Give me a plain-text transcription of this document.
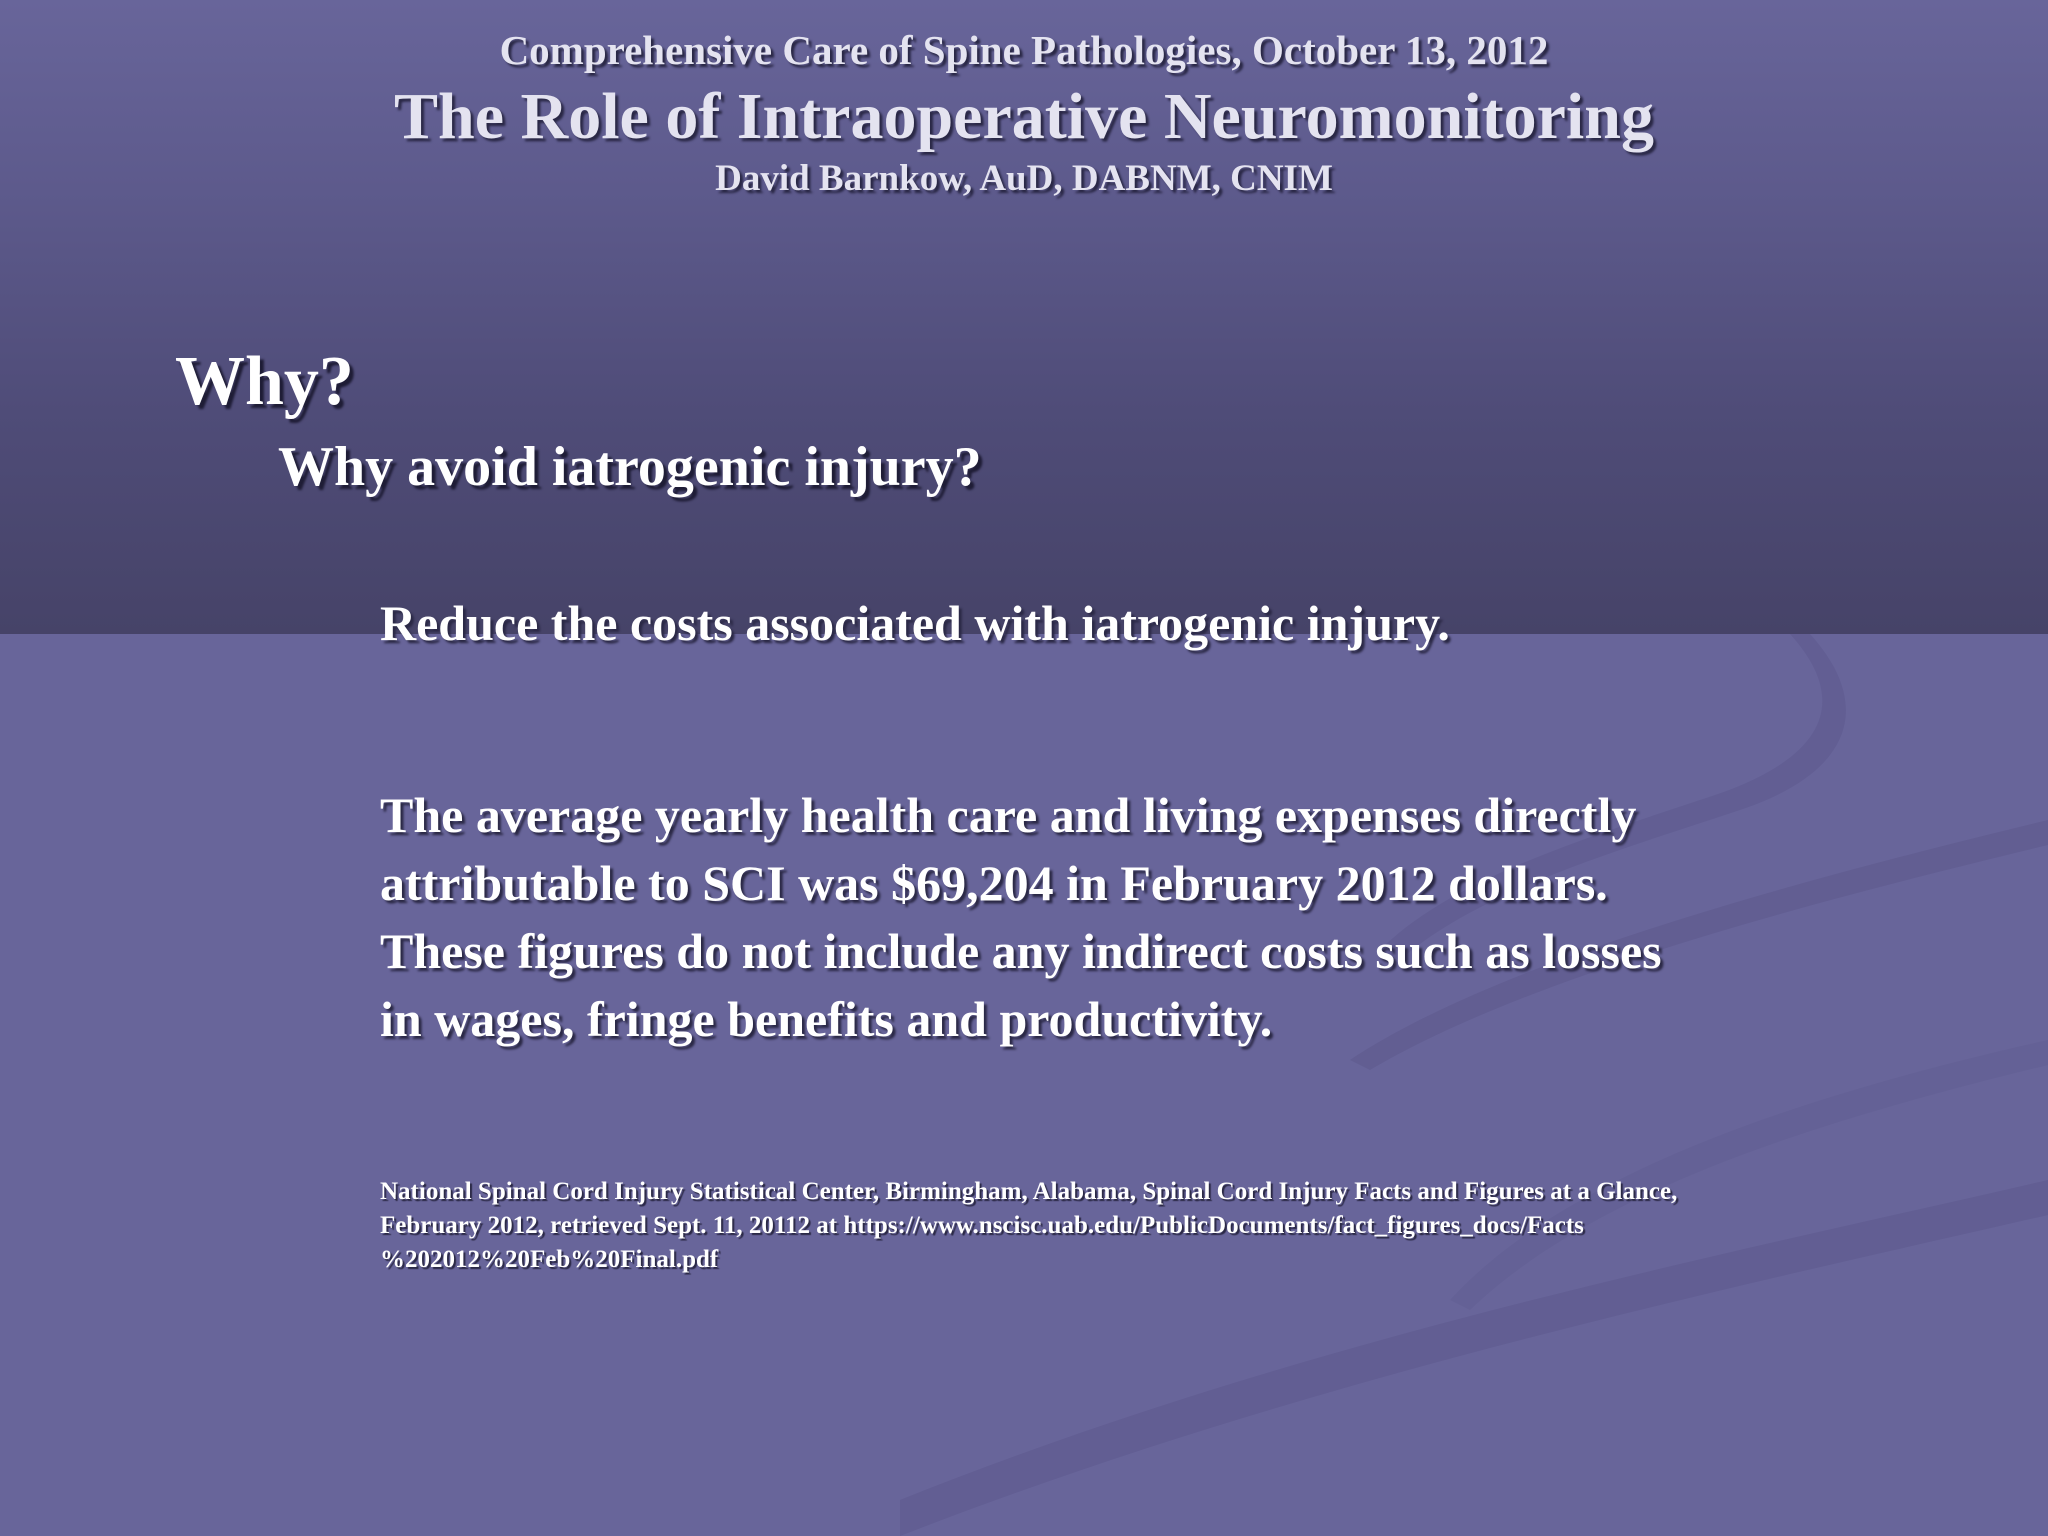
Comprehensive Care of Spine Pathologies, October 13, 2012
The Role of Intraoperative Neuromonitoring
David Barnkow, AuD, DABNM, CNIM
Why?
Why avoid iatrogenic injury?
Reduce the costs associated with iatrogenic injury.
The average yearly health care and living expenses directly
attributable to SCI was $69,204 in February 2012 dollars.
These figures do not include any indirect costs such as losses
in wages, fringe benefits and productivity.
National Spinal Cord Injury Statistical Center, Birmingham, Alabama, Spinal Cord Injury Facts and Figures at a Glance,
February 2012, retrieved Sept. 11, 20112 at https://www.nscisc.uab.edu/PublicDocuments/fact_figures_docs/Facts
%202012%20Feb%20Final.pdf
